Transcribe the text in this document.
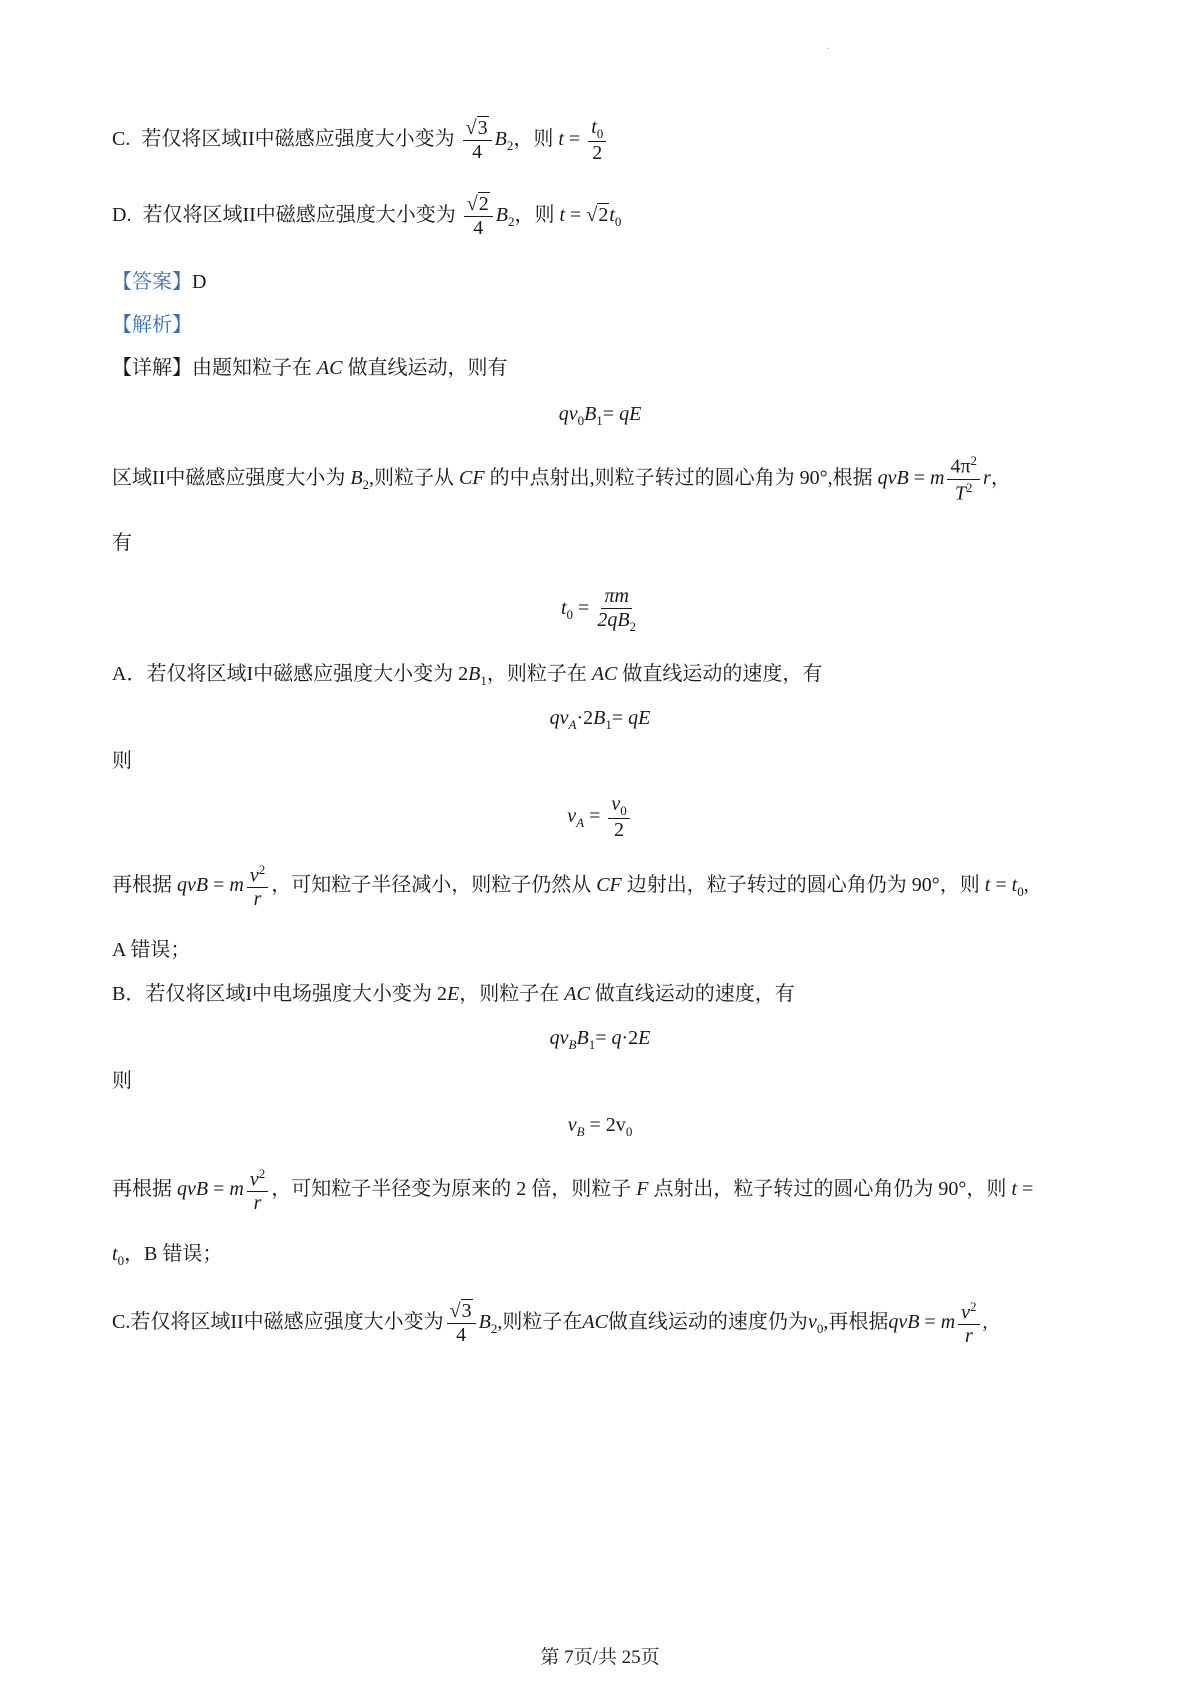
·
C. 若仅将区域II中磁感应强度大小变为 $\frac{√3}{4} B_2$，则 $t = \frac{t_0}{2}$
D. 若仅将区域II中磁感应强度大小变为 $\frac{√2}{4} B_2$，则 $t = √2t_0$
【答案】D
【解析】
【详解】由题知粒子在 AC 做直线运动，则有
$qv_0B_1=$ qE
区域II中磁感应强度大小为 $B_2$,则粒子从 CF 的中点射出,则粒子转过的圆心角为 90°,根据 qvB = m $\frac{4\pi^2}{T^2}$ r，
有
$t_0 = \frac{\pi m}{2qB_2}$
A．若仅将区域I中磁感应强度大小变为 $2B_1$，则粒子在 AC 做直线运动的速度，有
$qv_A\cdot 2B_1=$ qE
则
$v_A = \frac{v_0}{2}$
再根据 qvB = m $\frac{v^2}{r}$ ，可知粒子半径减小，则粒子仍然从 CF 边射出，粒子转过的圆心角仍为 90°，则 $t = t_0$,
A 错误；
B．若仅将区域I中电场强度大小变为 2E，则粒子在 AC 做直线运动的速度，有
$qv_BB_1= q\cdot 2E$
则
$v_B = 2v_0$
再根据 qvB = m $\frac{v^2}{r}$ ，可知粒子半径变为原来的 2 倍，则粒子 F 点射出，粒子转过的圆心角仍为 90°，则 t =
$t_0$，B 错误；
C.若仅将区域II中磁感应强度大小变为 $\frac{√3}{4} B_2$,则粒子在AC做直线运动的速度仍为$v_0$,再根据qvB = m $\frac{v^2}{r}$ ,
第 7页/共 25页
